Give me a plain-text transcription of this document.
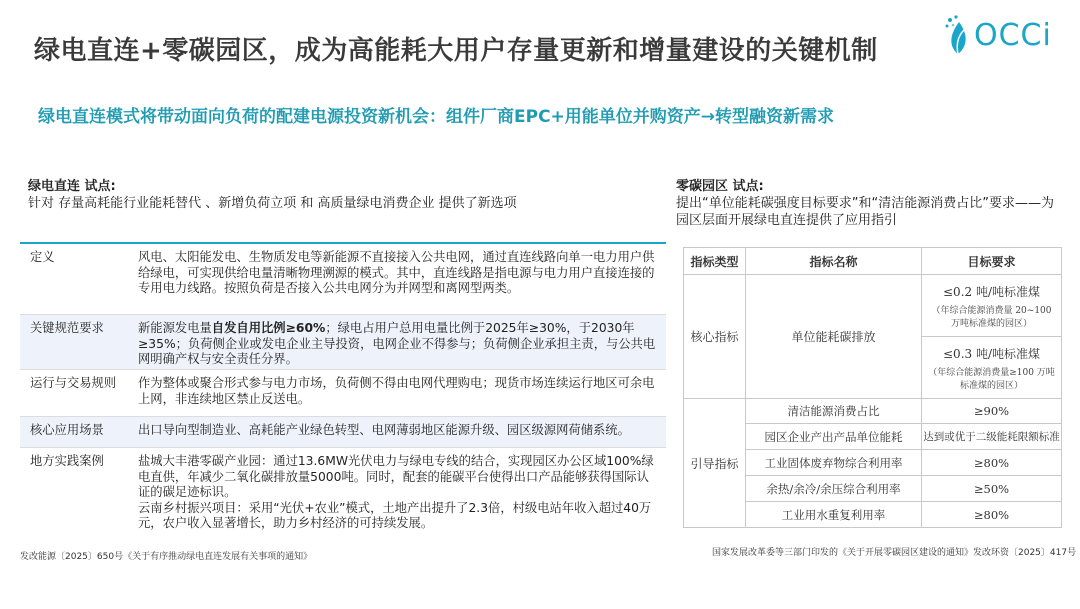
绿电直连+零碳园区，成为高能耗大用户存量更新和增量建设的关键机制	OCCi
绿电直连模式将带动面向负荷的配建电源投资新机会：组件厂商EPC+用能单位并购资产→转型融资新需求
绿电直连 试点:
针对 存量高耗能行业能耗替代 、新增负荷立项 和 高质量绿电消费企业 提供了新选项
零碳园区 试点:
提出“单位能耗碳强度目标要求”和“清洁能源消费占比”要求——为园区层面开展绿电直连提供了应用指引
定义	风电、太阳能发电、生物质发电等新能源不直接接入公共电网，通过直连线路向单一电力用户供给绿电，可实现供给电量清晰物理溯源的模式。其中，直连线路是指电源与电力用户直接连接的专用电力线路。按照负荷是否接入公共电网分为并网型和离网型两类。
关键规范要求	新能源发电量自发自用比例≥60%；绿电占用户总用电量比例于2025年≥30%，于2030年≥35%；负荷侧企业或发电企业主导投资，电网企业不得参与；负荷侧企业承担主责，与公共电网明确产权与安全责任分界。
运行与交易规则	作为整体或聚合形式参与电力市场，负荷侧不得由电网代理购电；现货市场连续运行地区可余电上网，非连续地区禁止反送电。
核心应用场景	出口导向型制造业、高耗能产业绿色转型、电网薄弱地区能源升级、园区级源网荷储系统。
地方实践案例	盐城大丰港零碳产业园：通过13.6MW光伏电力与绿电专线的结合，实现园区办公区域100%绿电直供，年减少二氧化碳排放量5000吨。同时，配套的能碳平台使得出口产品能够获得国际认证的碳足迹标识。
云南乡村振兴项目：采用“光伏+农业”模式，土地产出提升了2.3倍，村级电站年收入超过40万元，农户收入显著增长，助力乡村经济的可持续发展。
指标类型	指标名称	目标要求
核心指标	单位能耗碳排放	≤0.2 吨/吨标准煤
（年综合能源消费量 20~100 万吨标准煤的园区）

		≤0.3 吨/吨标准煤
（年综合能源消费量≥100 万吨标准煤的园区）

引导指标	清洁能源消费占比	≥90%
	园区企业产出产品单位能耗	达到或优于二级能耗限额标准
	工业固体废弃物综合利用率	≥80%
	余热/余冷/余压综合利用率	≥50%
	工业用水重复利用率	≥80%
发改能源〔2025〕650号《关于有序推动绿电直连发展有关事项的通知》	国家发展改革委等三部门印发的《关于开展零碳园区建设的通知》发改环资〔2025〕417号
